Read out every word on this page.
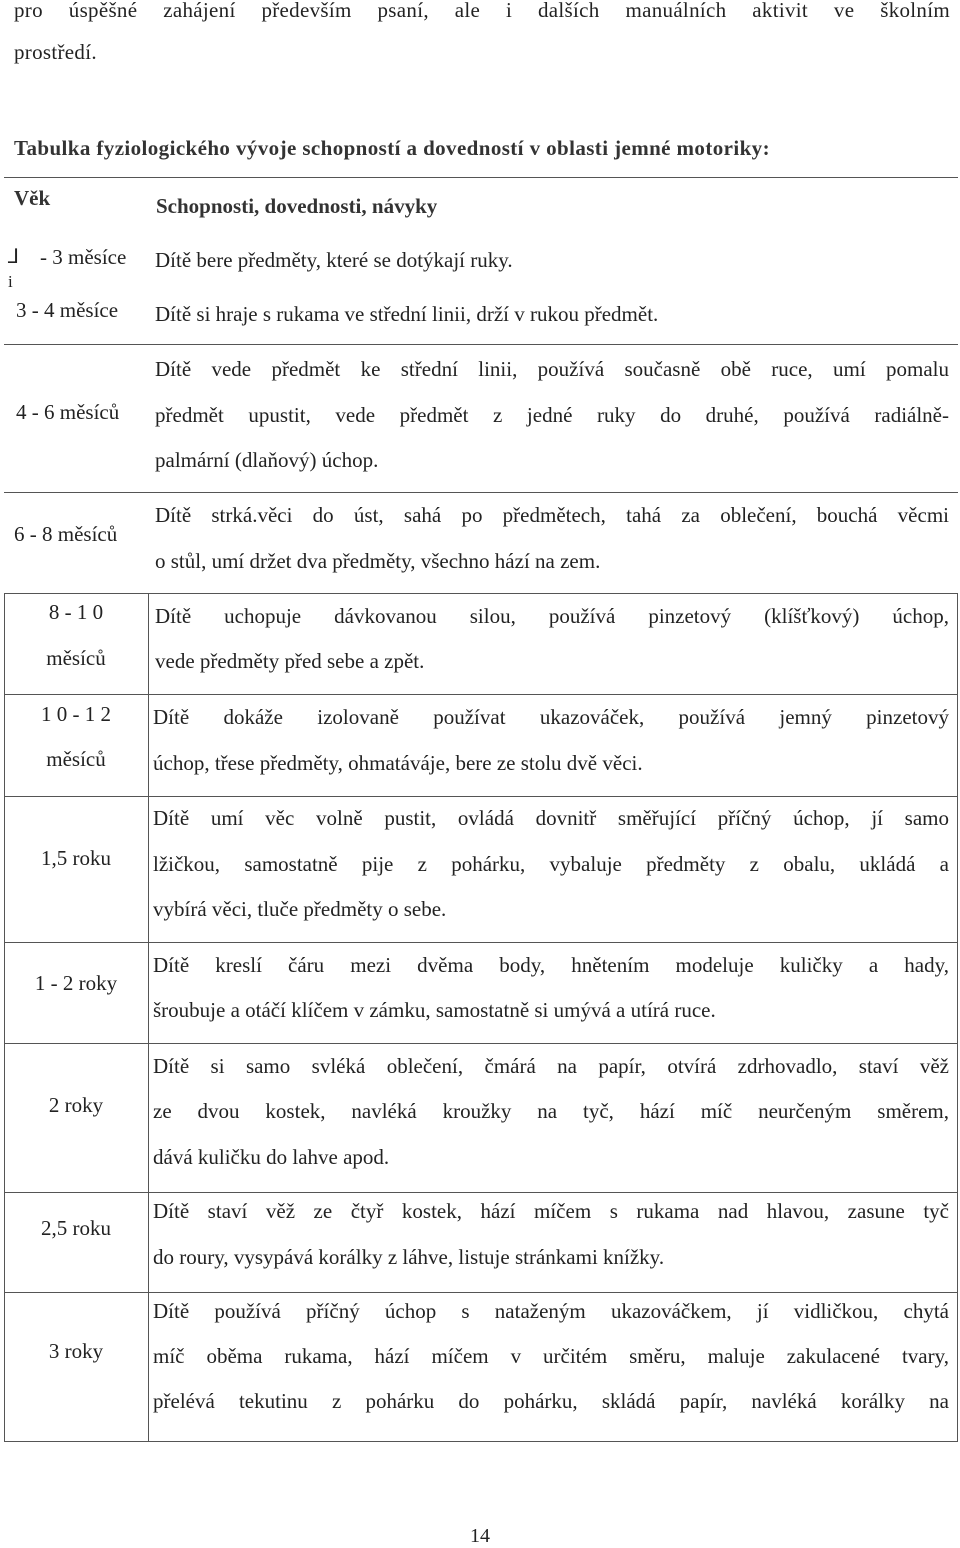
pro úspěšné zahájení především psaní, ale i dalších manuálních aktivit ve školním
prostředí.
Tabulka fyziologického vývoje schopností a dovedností v oblasti jemné motoriky:
Věk	Schopnosti, dovednosti, návyky
⅃ - 3 měsíce Dítě bere předměty, které se dotýkají ruky.
i
3 - 4 měsíce Dítě si hraje s rukama ve střední linii, drží v rukou předmět.
4 - 6 měsíců
Dítě vede předmět ke střední linii, používá současně obě ruce, umí pomalu
předmět upustit, vede předmět z jedné ruky do druhé, používá radiálně-
palmární (dlaňový) úchop.
6 - 8 měsíců
Dítě strká.věci do úst, sahá po předmětech, tahá za oblečení, bouchá věcmi
o stůl, umí držet dva předměty, všechno hází na zem.
8 - 1 0
měsíců
Dítě uchopuje dávkovanou silou, používá pinzetový (klíšťkový) úchop,
vede předměty před sebe a zpět.
1 0 - 1 2
měsíců
Dítě dokáže izolovaně používat ukazováček, používá jemný pinzetový
úchop, třese předměty, ohmatáváje, bere ze stolu dvě věci.
1,5 roku
Dítě umí věc volně pustit, ovládá dovnitř směřující příčný úchop, jí samo
lžičkou, samostatně pije z pohárku, vybaluje předměty z obalu, ukládá a
vybírá věci, tluče předměty o sebe.
1 - 2 roky
Dítě kreslí čáru mezi dvěma body, hnětením modeluje kuličky a hady,
šroubuje a otáčí klíčem v zámku, samostatně si umývá a utírá ruce.
2 roky
Dítě si samo svléká oblečení, čmárá na papír, otvírá zdrhovadlo, staví věž
ze dvou kostek, navléká kroužky na tyč, hází míč neurčeným směrem,
dává kuličku do lahve apod.
2,5 roku
Dítě staví věž ze čtyř kostek, hází míčem s rukama nad hlavou, zasune tyč
do roury, vysypává korálky z láhve, listuje stránkami knížky.
3 roky
Dítě používá příčný úchop s nataženým ukazováčkem, jí vidličkou, chytá
míč oběma rukama, hází míčem v určitém směru, maluje zakulacené tvary,
přelévá tekutinu z pohárku do pohárku, skládá papír, navléká korálky na
14
